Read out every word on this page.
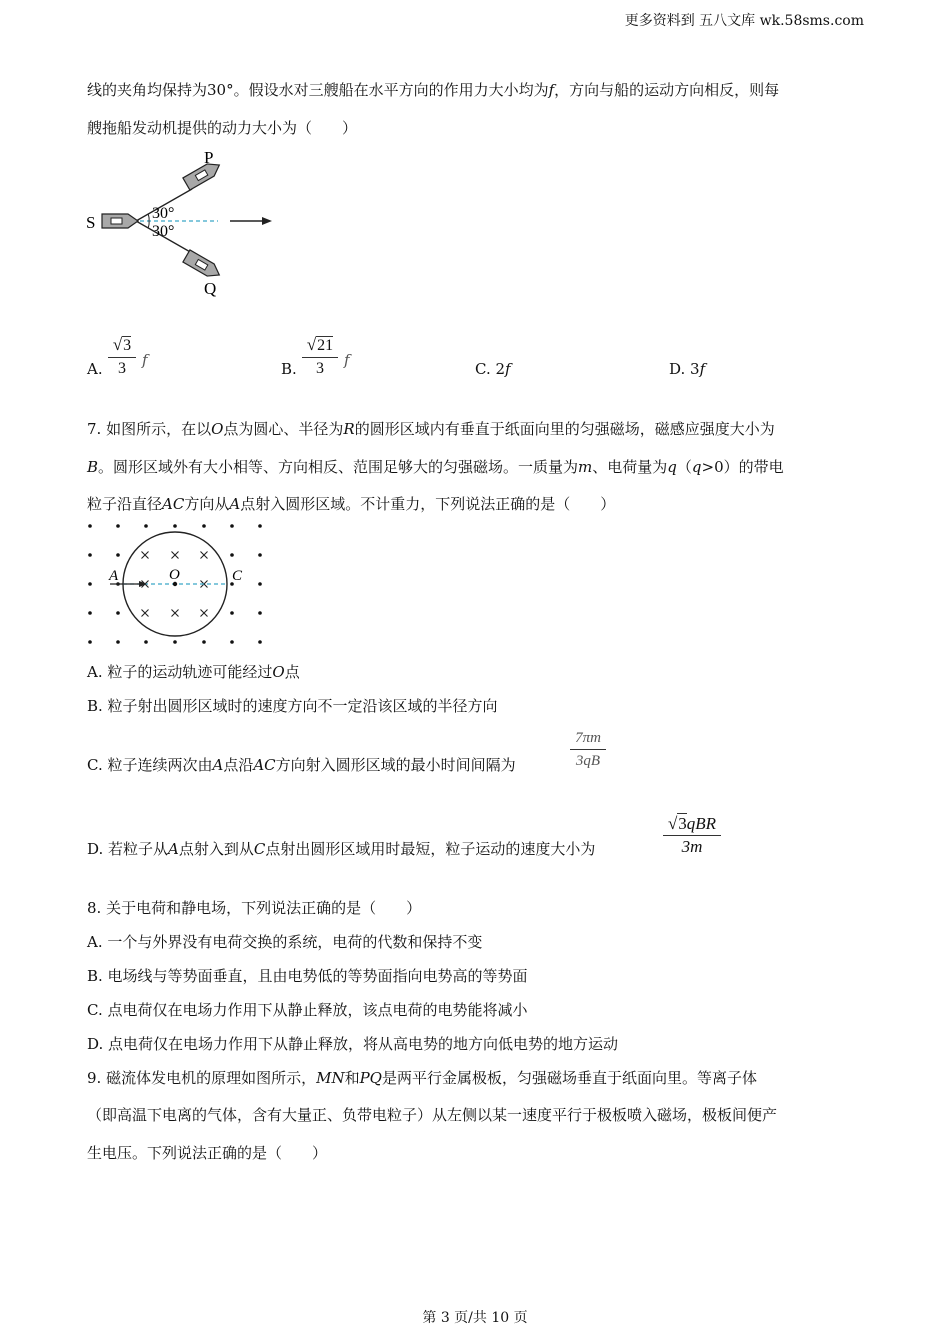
更多资料到 五八文库 wk.58sms.com
线的夹角均保持为30°。假设水对三艘船在水平方向的作用力大小均为f，方向与船的运动方向相反，则每
艘拖船发动机提供的动力大小为（　　）
P
S
Q
30°
30°
A.
√3
3	f	B.
√21
3	f	C. 2f	D. 3f
7. 如图所示，在以O点为圆心、半径为R的圆形区域内有垂直于纸面向里的匀强磁场，磁感应强度大小为
B。圆形区域外有大小相等、方向相反、范围足够大的匀强磁场。一质量为m、电荷量为q（q>0）的带电
粒子沿直径AC方向从A点射入圆形区域。不计重力，下列说法正确的是（　　）
A	O	C
A. 粒子的运动轨迹可能经过O点
B. 粒子射出圆形区域时的速度方向不一定沿该区域的半径方向
C. 粒子连续两次由A点沿AC方向射入圆形区域的最小时间间隔为
7πm
3qB
D. 若粒子从A点射入到从C点射出圆形区域用时最短，粒子运动的速度大小为
√3qBR
3m
8. 关于电荷和静电场，下列说法正确的是（　　）
A. 一个与外界没有电荷交换的系统，电荷的代数和保持不变
B. 电场线与等势面垂直，且由电势低的等势面指向电势高的等势面
C. 点电荷仅在电场力作用下从静止释放，该点电荷的电势能将减小
D. 点电荷仅在电场力作用下从静止释放，将从高电势的地方向低电势的地方运动
9. 磁流体发电机的原理如图所示，MN和PQ是两平行金属极板，匀强磁场垂直于纸面向里。等离子体
（即高温下电离的气体，含有大量正、负带电粒子）从左侧以某一速度平行于极板喷入磁场，极板间便产
生电压。下列说法正确的是（　　）
第 3 页/共 10 页
